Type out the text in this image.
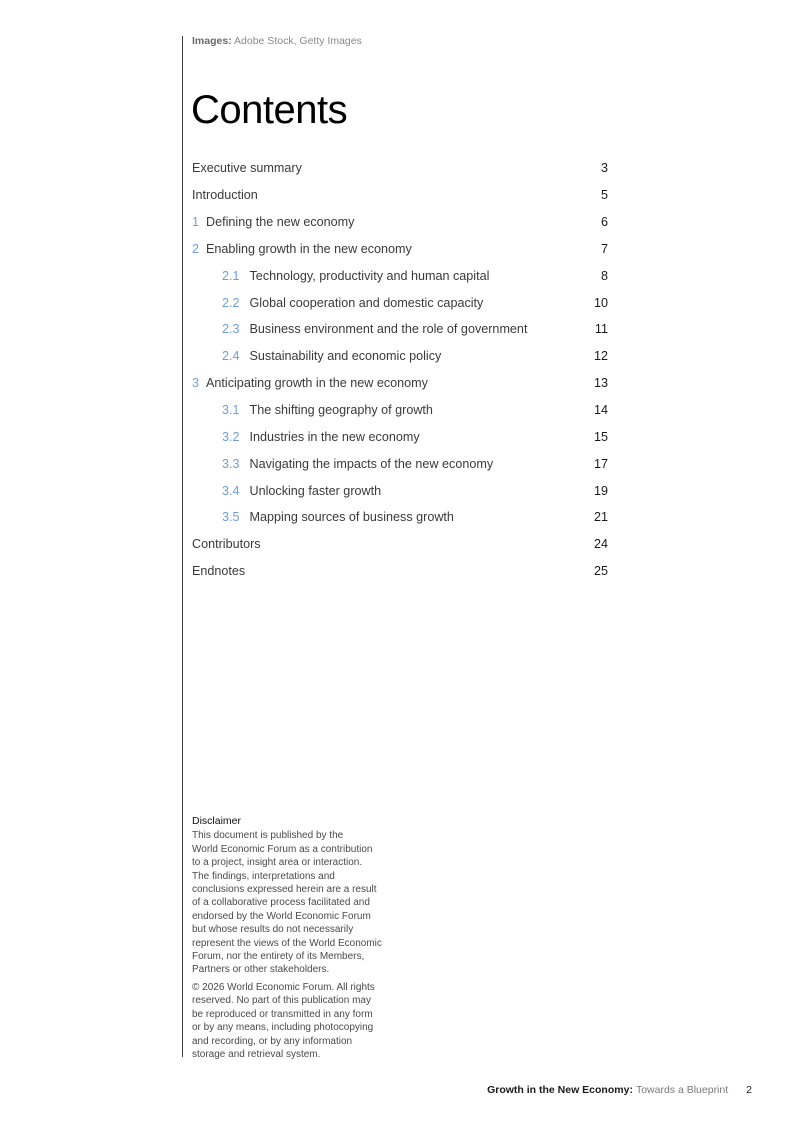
Images: Adobe Stock, Getty Images
Contents
Executive summary	3
Introduction	5
1 Defining the new economy	6
2 Enabling growth in the new economy	7
2.1 Technology, productivity and human capital	8
2.2 Global cooperation and domestic capacity	10
2.3 Business environment and the role of government	11
2.4 Sustainability and economic policy	12
3 Anticipating growth in the new economy	13
3.1 The shifting geography of growth	14
3.2 Industries in the new economy	15
3.3 Navigating the impacts of the new economy	17
3.4 Unlocking faster growth	19
3.5 Mapping sources of business growth	21
Contributors	24
Endnotes	25
Disclaimer
This document is published by the
World Economic Forum as a contribution
to a project, insight area or interaction.
The findings, interpretations and
conclusions expressed herein are a result
of a collaborative process facilitated and
endorsed by the World Economic Forum
but whose results do not necessarily
represent the views of the World Economic
Forum, nor the entirety of its Members,
Partners or other stakeholders.
© 2026 World Economic Forum. All rights
reserved. No part of this publication may
be reproduced or transmitted in any form
or by any means, including photocopying
and recording, or by any information
storage and retrieval system.
Growth in the New Economy: Towards a Blueprint 2
